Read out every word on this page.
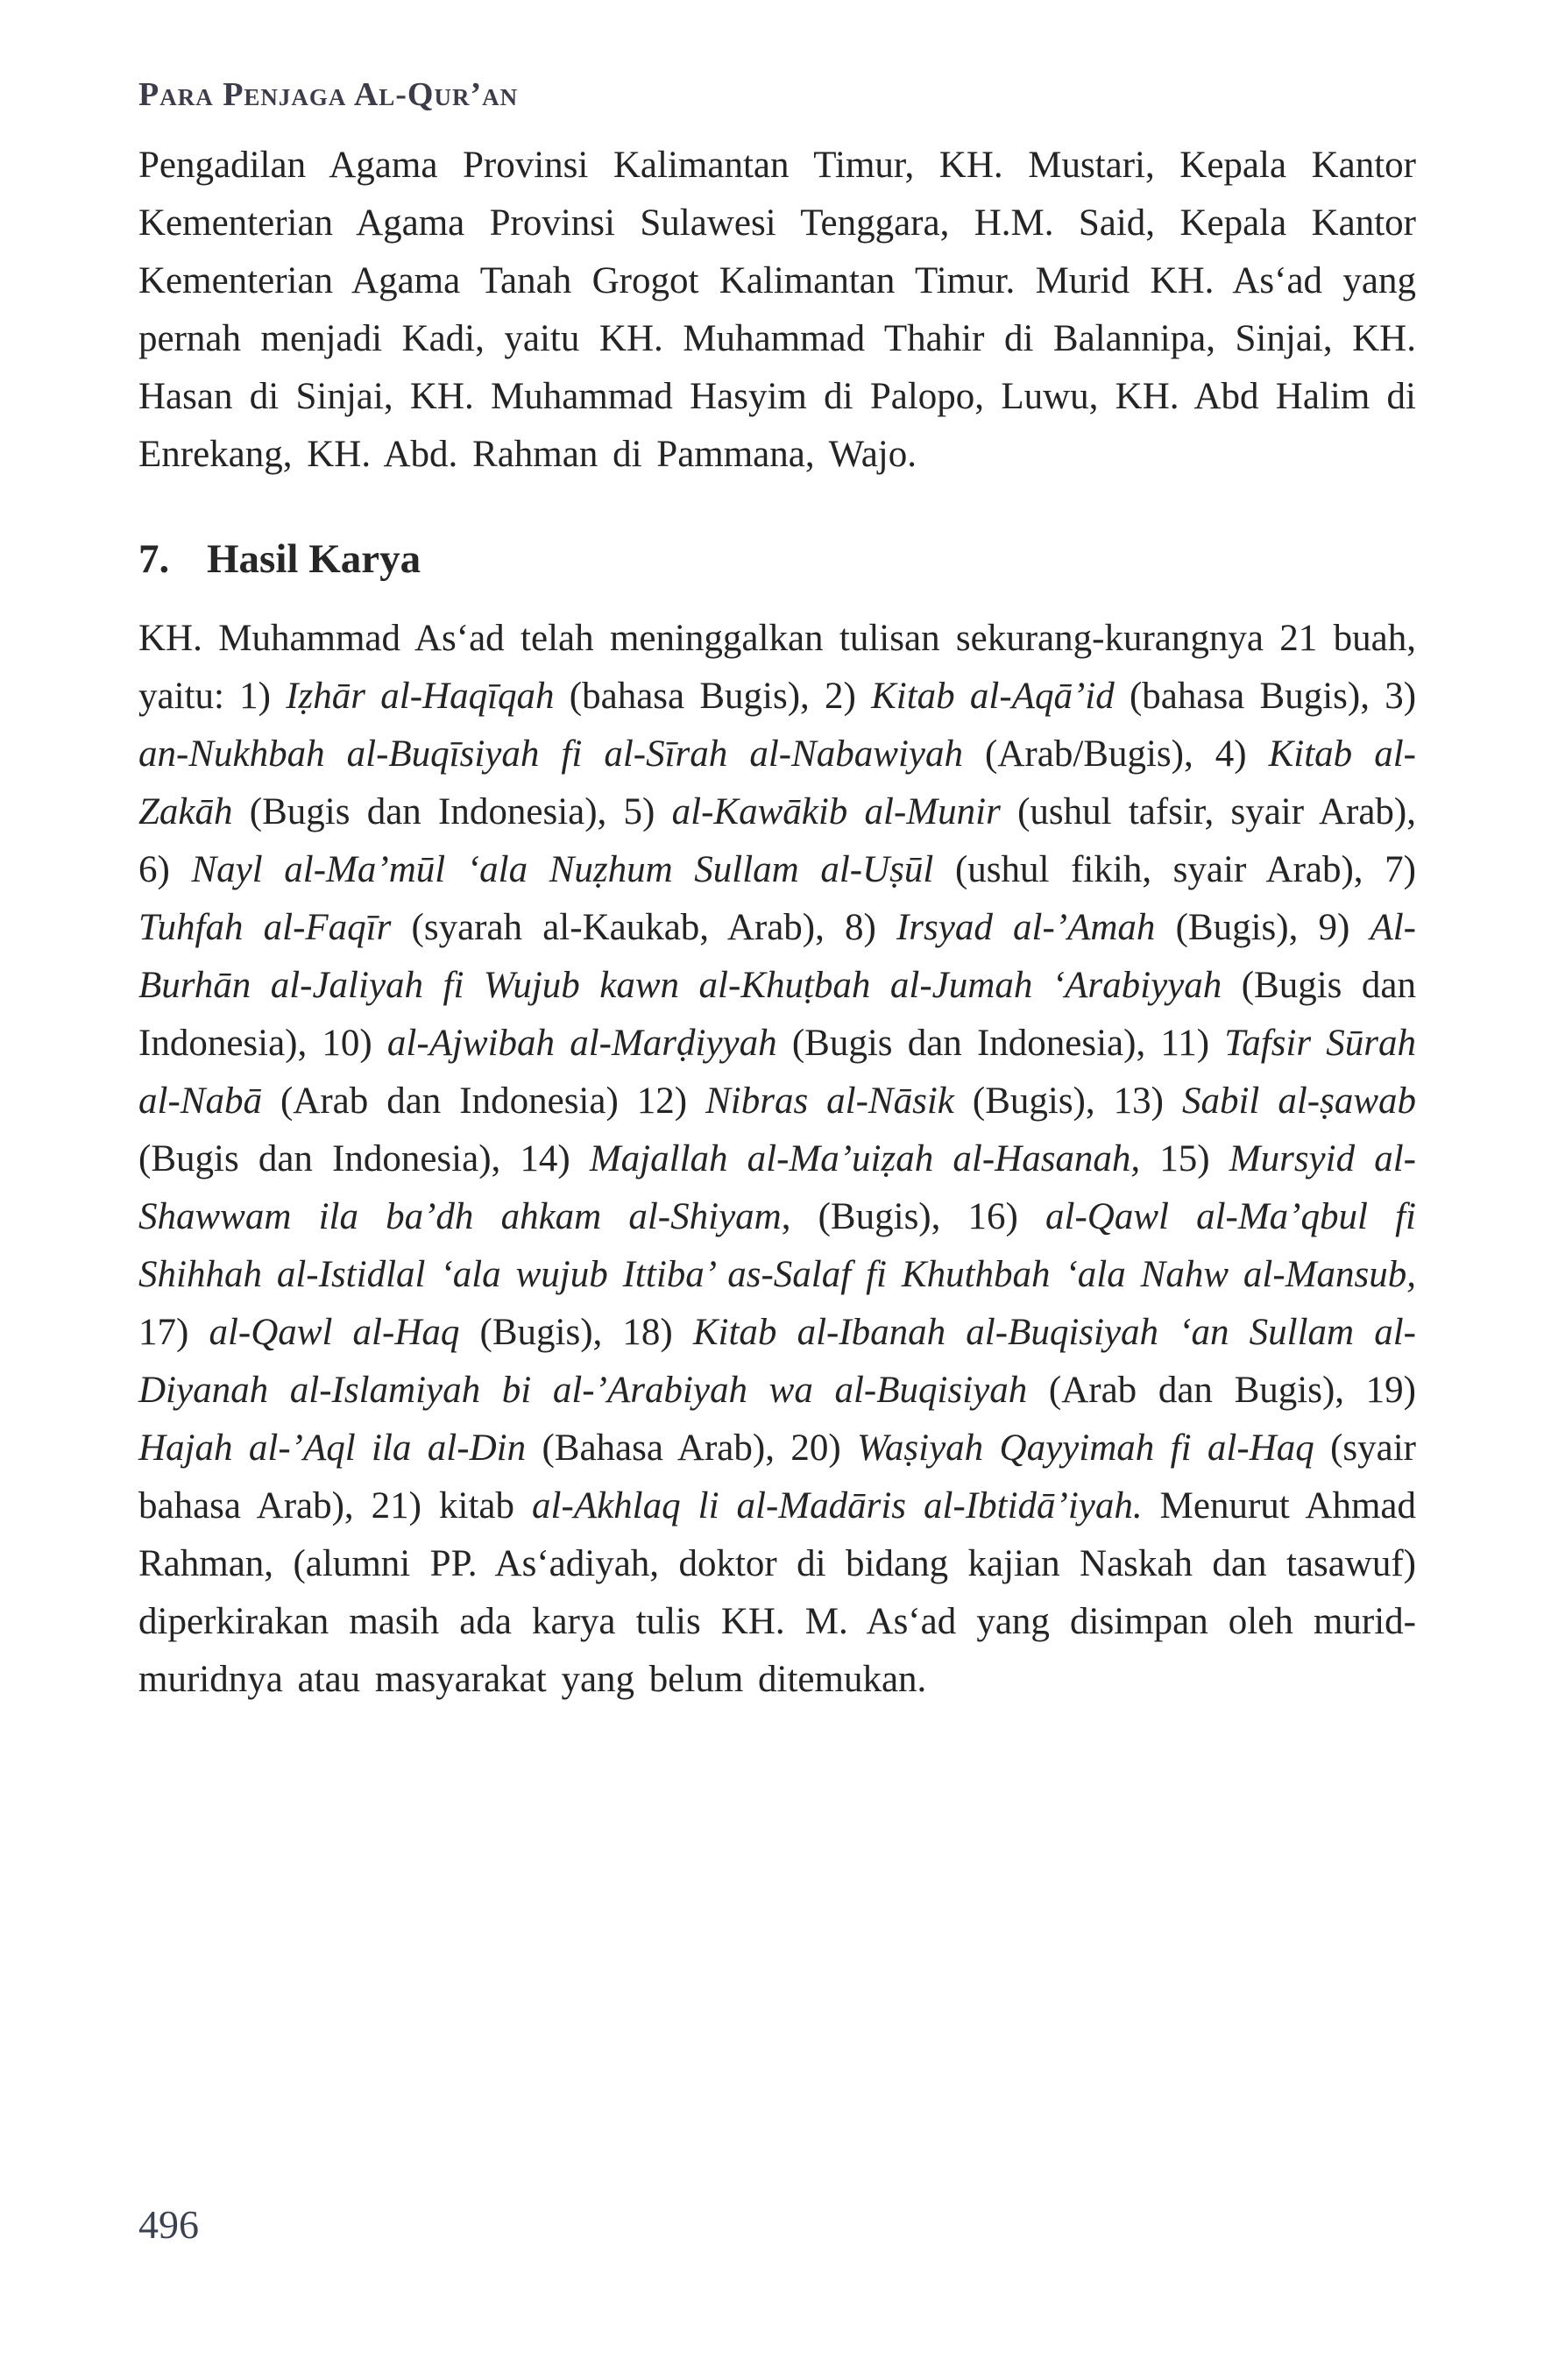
Para Penjaga Al-Qur’an

Pengadilan Agama Provinsi Kalimantan Timur, KH. Mustari, Kepala Kantor Kementerian Agama Provinsi Sulawesi Tenggara, H.M. Said, Kepala Kantor Kementerian Agama Tanah Grogot Kalimantan Timur. Murid KH. As‘ad yang pernah menjadi Kadi, yaitu KH. Muhammad Thahir di Balannipa, Sinjai, KH. Hasan di Sinjai, KH. Muhammad Hasyim di Palopo, Luwu, KH. Abd Halim di Enrekang, KH. Abd. Rahman di Pammana, Wajo.

7. Hasil Karya

KH. Muhammad As‘ad telah meninggalkan tulisan sekurang-kurangnya 21 buah, yaitu: 1) Iẓhār al-Haqīqah (bahasa Bugis), 2) Kitab al-Aqā’id (bahasa Bugis), 3) an-Nukhbah al-Buqīsiyah fi al-Sīrah al-Nabawiyah (Arab/Bugis), 4) Kitab al-Zakāh (Bugis dan Indonesia), 5) al-Kawākib al-Munir (ushul tafsir, syair Arab), 6) Nayl al-Ma’mūl ‘ala Nuẓhum Sullam al-Uṣūl (ushul fikih, syair Arab), 7) Tuhfah al-Faqīr (syarah al-Kaukab, Arab), 8) Irsyad al-’Amah (Bugis), 9) Al-Burhān al-Jaliyah fi Wujub kawn al-Khuṭbah al-Jumah ‘Arabiyyah (Bugis dan Indonesia), 10) al-Ajwibah al-Marḍiyyah (Bugis dan Indonesia), 11) Tafsir Sūrah al-Nabā (Arab dan Indonesia) 12) Nibras al-Nāsik (Bugis), 13) Sabil al-ṣawab (Bugis dan Indonesia), 14) Majallah al-Ma’uiẓah al-Hasanah, 15) Mursyid al-Shawwam ila ba’dh ahkam al-Shiyam, (Bugis), 16) al-Qawl al-Ma’qbul fi Shihhah al-Istidlal ‘ala wujub Ittiba’ as-Salaf fi Khuthbah ‘ala Nahw al-Mansub, 17) al-Qawl al-Haq (Bugis), 18) Kitab al-Ibanah al-Buqisiyah ‘an Sullam al-Diyanah al-Islamiyah bi al-’Arabiyah wa al-Buqisiyah (Arab dan Bugis), 19) Hajah al-’Aql ila al-Din (Bahasa Arab), 20) Waṣiyah Qayyimah fi al-Haq (syair bahasa Arab), 21) kitab al-Akhlaq li al-Madāris al-Ibtidā’iyah. Menurut Ahmad Rahman, (alumni PP. As‘adiyah, doktor di bidang kajian Naskah dan tasawuf) diperkirakan masih ada karya tulis KH. M. As‘ad yang disimpan oleh murid-muridnya atau masyarakat yang belum ditemukan.

496
